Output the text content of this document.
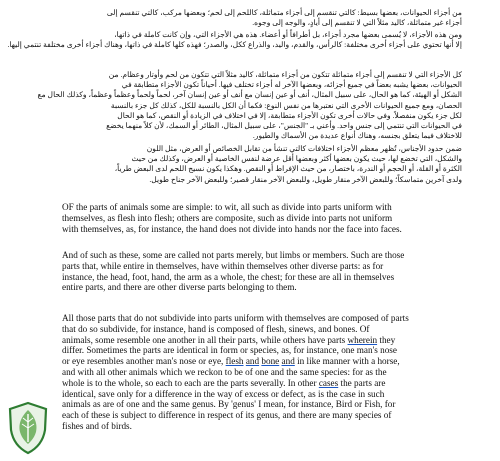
من أجزاء الحيوانات، بعضها بسيط: كالتي تنقسم إلى أجزاء متماثلة، كاللحم إلى لحم؛ وبعضها مركب، كالتي تنقسم إلى
أجزاء غير متماثلة، كاليد مثلاً التي لا تنقسم إلى أيادٍ، والوجه إلى وجوه.
ومن هذه الأجزاء، لا يُسمى بعضها مجرد أجزاء، بل أطرافاً أو أعضاء. هذه هي الأجزاء التي، وإن كانت كاملة في ذاتها،
إلا أنها تحتوي على أجزاء أخرى مختلفة: كالرأس، والقدم، واليد، والذراع ككل، والصدر؛ فهذه كلها كاملة في ذاتها، وهناك أجزاء أخرى مختلفة تنتمي إليها.
كل الأجزاء التي لا تنقسم إلى أجزاء متماثلة تتكون من أجزاء متماثلة، كاليد مثلاً التي تتكون من لحم وأوتار وعظام. من
الحيوانات، بعضها يشبه بعضاً في جميع أجزائه، وبعضها الآخر له أجزاء تختلف فيها. أحياناً تكون الأجزاء متطابقة في
الشكل أو الهيئة، كما هو الحال، على سبيل المثال، أنف أو عين إنسان مع أنف أو عين إنسان آخر، لحماً ولحماً وعظماً وعظماً، وكذلك الحال مع
الحصان، ومع جميع الحيوانات الأخرى التي نعتبرها من نفس النوع: فكما أن الكل بالنسبة للكل، كذلك كل جزء بالنسبة
لكل جزء يكون منفصلاً. وفي حالات أخرى تكون الأجزاء متطابقة، إلا في اختلاف في الزيادة أو النقص، كما هو الحال
في الحيوانات التي تنتمي إلى جنس واحد. وأعني بـ "الجنس"، على سبيل المثال، الطائر أو السمك، لأن كلاً منهما يخضع
للاختلاف فيما يتعلق بجنسه، وهناك أنواع عديدة من الأسماك والطيور.
ضمن حدود الأجناس، تُظهر معظم الأجزاء اختلافات كالتي تنشأ من تقابل الخصائص أو العرض، مثل اللون
والشكل، التي تخضع لها، حيث يكون بعضها أكثر وبعضها أقل عرضة لنفس الخاصية أو العرض، وكذلك من حيث
الكثرة أو القلة، أو الحجم أو الندرة، باختصار، من حيث الإفراط أو النقص. وهكذا يكون نسيج اللحم لدى البعض طرياً،
ولدى آخرين متماسكاً؛ وللبعض الآخر منقار طويل، وللبعض الآخر منقار قصير؛ وللبعض الآخر جناح طويل.
OF the parts of animals some are simple: to wit, all such as divide into parts uniform with
themselves, as flesh into flesh; others are composite, such as divide into parts not uniform
with themselves, as, for instance, the hand does not divide into hands nor the face into faces.
And of such as these, some are called not parts merely, but limbs or members. Such are those
parts that, while entire in themselves, have within themselves other diverse parts: as for
instance, the head, foot, hand, the arm as a whole, the chest; for these are all in themselves
entire parts, and there are other diverse parts belonging to them.
All those parts that do not subdivide into parts uniform with themselves are composed of parts
that do so subdivide, for instance, hand is composed of flesh, sinews, and bones. Of
animals, some resemble one another in all their parts, while others have parts wherein they
differ. Sometimes the parts are identical in form or species, as, for instance, one man's nose
or eye resembles another man's nose or eye, flesh and bone and in like manner with a horse,
and with all other animals which we reckon to be of one and the same species: for as the
whole is to the whole, so each to each are the parts severally. In other cases the parts are
identical, save only for a difference in the way of excess or defect, as is the case in such
animals as are of one and the same genus. By 'genus' I mean, for instance, Bird or Fish, for
each of these is subject to difference in respect of its genus, and there are many species of
fishes and of birds.
